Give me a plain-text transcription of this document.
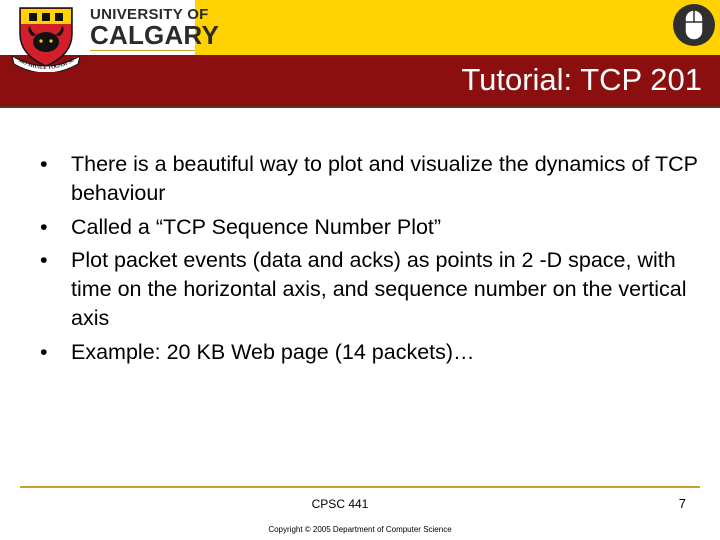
MO SHÙILE TOGAM SÙ
UNIVERSITY OF
CALGARY
Tutorial: TCP 201
• There is a beautiful way to plot and visualize the dynamics of TCP behaviour
• Called a “TCP Sequence Number Plot”
• Plot packet events (data and acks) as points in 2 -D space, with time on the horizontal axis, and sequence number on the vertical axis
• Example: 20 KB Web page (14 packets)…
CPSC 441	7
Copyright © 2005 Department of Computer Science
